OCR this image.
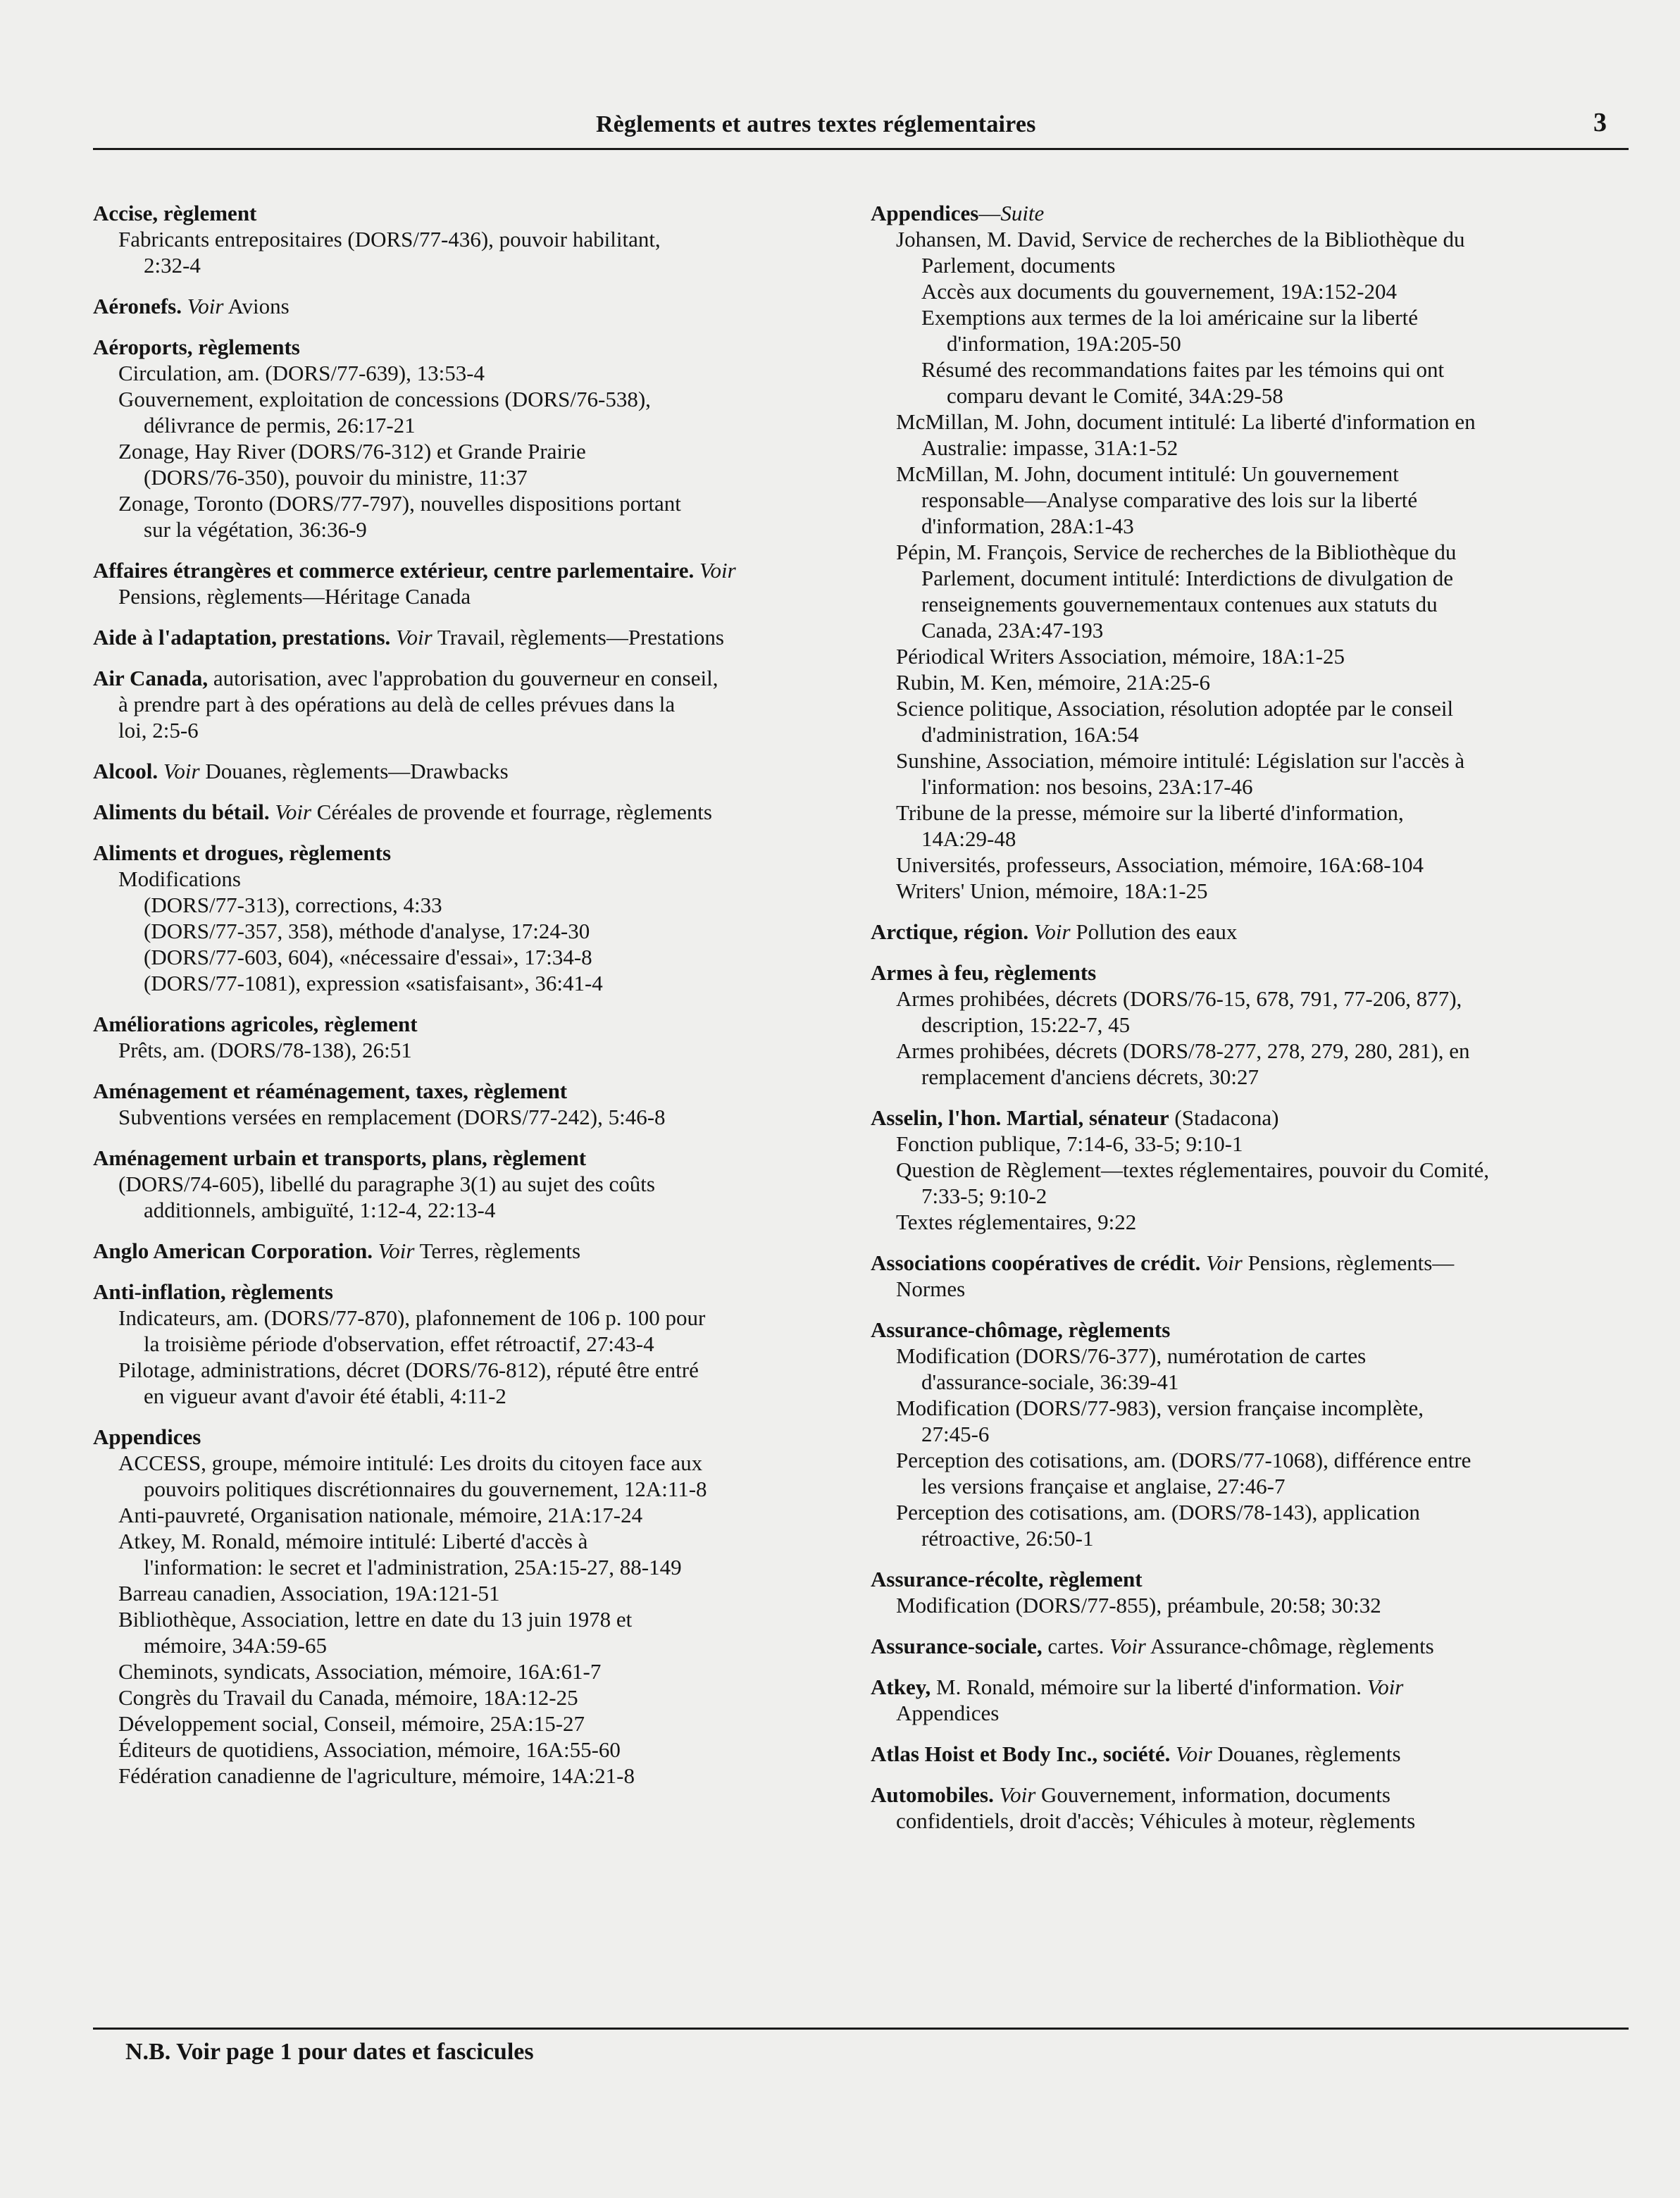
Règlements et autres textes réglementaires	3
Accise, règlement
Fabricants entrepositaires (DORS/77-436), pouvoir habilitant,
2:32-4
Aéronefs. Voir Avions
Aéroports, règlements
Circulation, am. (DORS/77-639), 13:53-4
Gouvernement, exploitation de concessions (DORS/76-538),
délivrance de permis, 26:17-21
Zonage, Hay River (DORS/76-312) et Grande Prairie
(DORS/76-350), pouvoir du ministre, 11:37
Zonage, Toronto (DORS/77-797), nouvelles dispositions portant
sur la végétation, 36:36-9
Affaires étrangères et commerce extérieur, centre parlementaire. Voir
Pensions, règlements—Héritage Canada
Aide à l'adaptation, prestations. Voir Travail, règlements—Prestations
Air Canada, autorisation, avec l'approbation du gouverneur en conseil,
à prendre part à des opérations au delà de celles prévues dans la
loi, 2:5-6
Alcool. Voir Douanes, règlements—Drawbacks
Aliments du bétail. Voir Céréales de provende et fourrage, règlements
Aliments et drogues, règlements
Modifications
(DORS/77-313), corrections, 4:33
(DORS/77-357, 358), méthode d'analyse, 17:24-30
(DORS/77-603, 604), «nécessaire d'essai», 17:34-8
(DORS/77-1081), expression «satisfaisant», 36:41-4
Améliorations agricoles, règlement
Prêts, am. (DORS/78-138), 26:51
Aménagement et réaménagement, taxes, règlement
Subventions versées en remplacement (DORS/77-242), 5:46-8
Aménagement urbain et transports, plans, règlement
(DORS/74-605), libellé du paragraphe 3(1) au sujet des coûts
additionnels, ambiguïté, 1:12-4, 22:13-4
Anglo American Corporation. Voir Terres, règlements
Anti-inflation, règlements
Indicateurs, am. (DORS/77-870), plafonnement de 106 p. 100 pour
la troisième période d'observation, effet rétroactif, 27:43-4
Pilotage, administrations, décret (DORS/76-812), réputé être entré
en vigueur avant d'avoir été établi, 4:11-2
Appendices
ACCESS, groupe, mémoire intitulé: Les droits du citoyen face aux
pouvoirs politiques discrétionnaires du gouvernement, 12A:11-8
Anti-pauvreté, Organisation nationale, mémoire, 21A:17-24
Atkey, M. Ronald, mémoire intitulé: Liberté d'accès à
l'information: le secret et l'administration, 25A:15-27, 88-149
Barreau canadien, Association, 19A:121-51
Bibliothèque, Association, lettre en date du 13 juin 1978 et
mémoire, 34A:59-65
Cheminots, syndicats, Association, mémoire, 16A:61-7
Congrès du Travail du Canada, mémoire, 18A:12-25
Développement social, Conseil, mémoire, 25A:15-27
Éditeurs de quotidiens, Association, mémoire, 16A:55-60
Fédération canadienne de l'agriculture, mémoire, 14A:21-8
Appendices—Suite
Johansen, M. David, Service de recherches de la Bibliothèque du
Parlement, documents
Accès aux documents du gouvernement, 19A:152-204
Exemptions aux termes de la loi américaine sur la liberté
d'information, 19A:205-50
Résumé des recommandations faites par les témoins qui ont
comparu devant le Comité, 34A:29-58
McMillan, M. John, document intitulé: La liberté d'information en
Australie: impasse, 31A:1-52
McMillan, M. John, document intitulé: Un gouvernement
responsable—Analyse comparative des lois sur la liberté
d'information, 28A:1-43
Pépin, M. François, Service de recherches de la Bibliothèque du
Parlement, document intitulé: Interdictions de divulgation de
renseignements gouvernementaux contenues aux statuts du
Canada, 23A:47-193
Périodical Writers Association, mémoire, 18A:1-25
Rubin, M. Ken, mémoire, 21A:25-6
Science politique, Association, résolution adoptée par le conseil
d'administration, 16A:54
Sunshine, Association, mémoire intitulé: Législation sur l'accès à
l'information: nos besoins, 23A:17-46
Tribune de la presse, mémoire sur la liberté d'information,
14A:29-48
Universités, professeurs, Association, mémoire, 16A:68-104
Writers' Union, mémoire, 18A:1-25
Arctique, région. Voir Pollution des eaux
Armes à feu, règlements
Armes prohibées, décrets (DORS/76-15, 678, 791, 77-206, 877),
description, 15:22-7, 45
Armes prohibées, décrets (DORS/78-277, 278, 279, 280, 281), en
remplacement d'anciens décrets, 30:27
Asselin, l'hon. Martial, sénateur (Stadacona)
Fonction publique, 7:14-6, 33-5; 9:10-1
Question de Règlement—textes réglementaires, pouvoir du Comité,
7:33-5; 9:10-2
Textes réglementaires, 9:22
Associations coopératives de crédit. Voir Pensions, règlements—
Normes
Assurance-chômage, règlements
Modification (DORS/76-377), numérotation de cartes
d'assurance-sociale, 36:39-41
Modification (DORS/77-983), version française incomplète,
27:45-6
Perception des cotisations, am. (DORS/77-1068), différence entre
les versions française et anglaise, 27:46-7
Perception des cotisations, am. (DORS/78-143), application
rétroactive, 26:50-1
Assurance-récolte, règlement
Modification (DORS/77-855), préambule, 20:58; 30:32
Assurance-sociale, cartes. Voir Assurance-chômage, règlements
Atkey, M. Ronald, mémoire sur la liberté d'information. Voir
Appendices
Atlas Hoist et Body Inc., société. Voir Douanes, règlements
Automobiles. Voir Gouvernement, information, documents
confidentiels, droit d'accès; Véhicules à moteur, règlements
N.B. Voir page 1 pour dates et fascicules
